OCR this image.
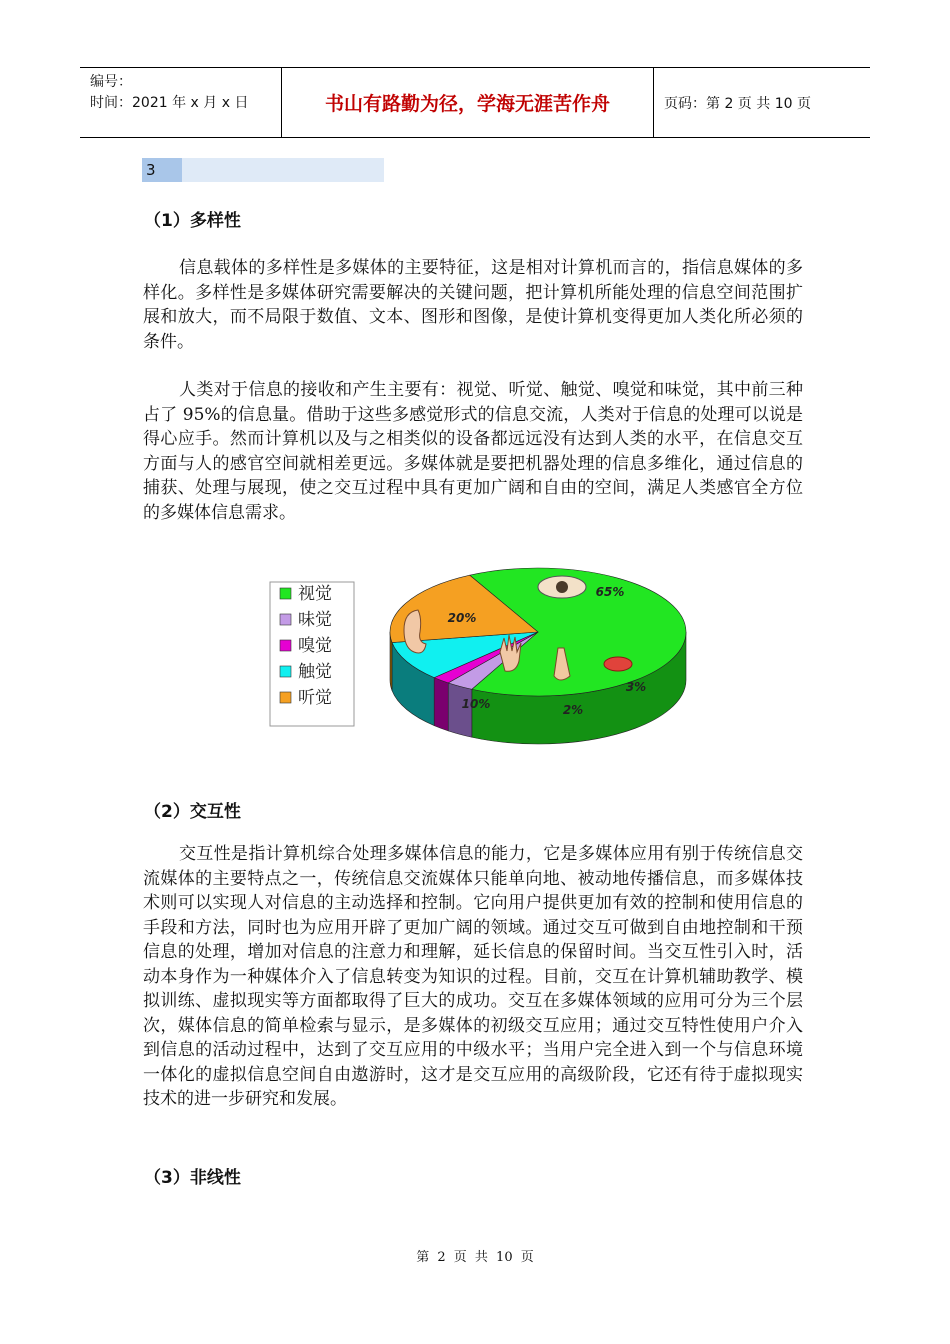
编号：
时间：2021 年 x 月 x 日	书山有路勤为径，学海无涯苦作舟	页码：第 2 页 共 10 页
3
（1）多样性

信息载体的多样性是多媒体的主要特征，这是相对计算机而言的，指信息媒体的多样化。多样性是多媒体研究需要解决的关键问题，把计算机所能处理的信息空间范围扩展和放大，而不局限于数值、文本、图形和图像，是使计算机变得更加人类化所必须的条件。

人类对于信息的接收和产生主要有：视觉、听觉、触觉、嗅觉和味觉，其中前三种占了 95%的信息量。借助于这些多感觉形式的信息交流，人类对于信息的处理可以说是得心应手。然而计算机以及与之相类似的设备都远远没有达到人类的水平，在信息交互方面与人的感官空间就相差更远。多媒体就是要把机器处理的信息多维化，通过信息的捕获、处理与展现，使之交互过程中具有更加广阔和自由的空间，满足人类感官全方位的多媒体信息需求。

视觉
味觉
嗅觉
触觉
听觉
65%
3%
2%
10%
20%
（2）交互性

交互性是指计算机综合处理多媒体信息的能力，它是多媒体应用有别于传统信息交流媒体的主要特点之一，传统信息交流媒体只能单向地、被动地传播信息，而多媒体技术则可以实现人对信息的主动选择和控制。它向用户提供更加有效的控制和使用信息的手段和方法，同时也为应用开辟了更加广阔的领域。通过交互可做到自由地控制和干预信息的处理，增加对信息的注意力和理解，延长信息的保留时间。当交互性引入时，活动本身作为一种媒体介入了信息转变为知识的过程。目前，交互在计算机辅助教学、模拟训练、虚拟现实等方面都取得了巨大的成功。交互在多媒体领域的应用可分为三个层次，媒体信息的简单检索与显示，是多媒体的初级交互应用；通过交互特性使用户介入到信息的活动过程中，达到了交互应用的中级水平；当用户完全进入到一个与信息环境一体化的虚拟信息空间自由遨游时，这才是交互应用的高级阶段，它还有待于虚拟现实技术的进一步研究和发展。

（3）非线性
第 2 页 共 10 页
